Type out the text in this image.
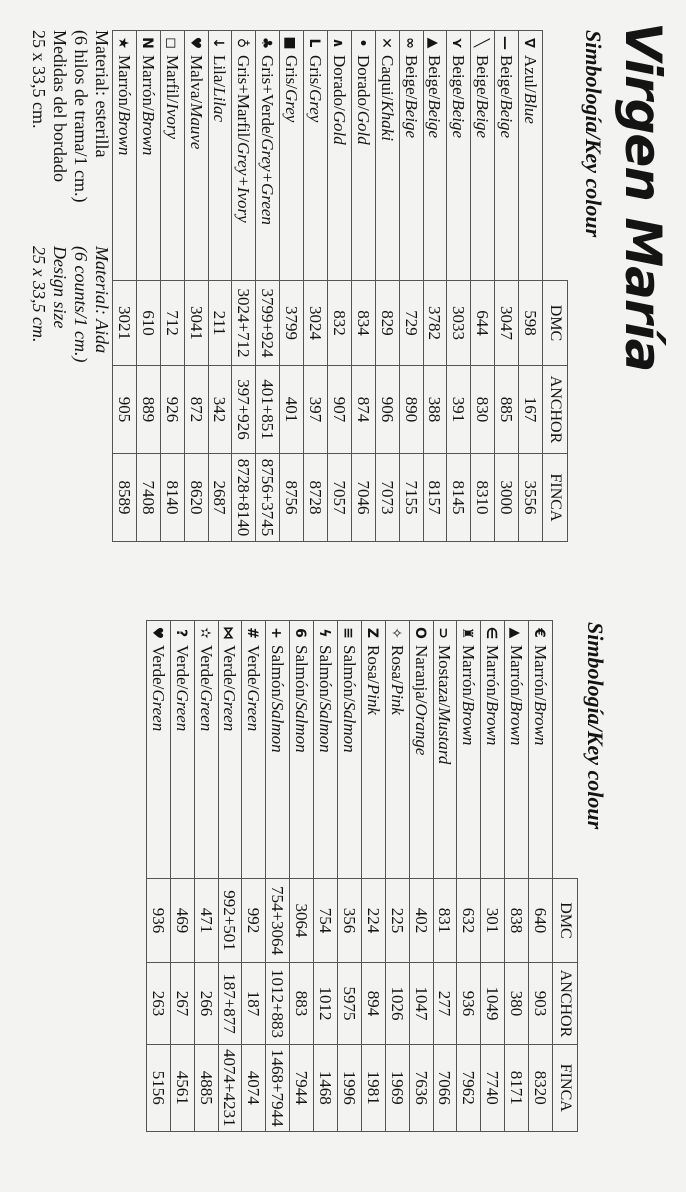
Virgen María
Simbología/Key colour
Simbología/Key colour
	DMC	ANCHOR	FINCA
∇Azul/Blue	598	167	3556
—Beige/Beige	3047	885	3000
╲Beige/Beige	644	830	8310
⋎Beige/Beige	3033	391	8145
▲Beige/Beige	3782	388	8157
∞Beige/Beige	729	890	7155
✕Caqui/Khaki	829	906	7073
•Dorado/Gold	834	874	7046
∧Dorado/Gold	832	907	7057
LGris/Grey	3024	397	8728
■Gris/Grey	3799	401	8756
♣Gris+Verde/Grey+Green	3799+924	401+851	8756+3745
♁Gris+Marfil/Grey+Ivory	3024+712	397+926	8728+8140
↓Lila/Lilac	211	342	2687
♥Malva/Mauve	3041	872	8620
◻Marfil/Ivory	712	926	8140
NMarrón/Brown	610	889	7408
★Marrón/Brown	3021	905	8589
	DMC	ANCHOR	FINCA
€Marrón/Brown	640	903	8320
▲Marrón/Brown	838	380	8171
∈Marrón/Brown	301	1049	7740
♜Marrón/Brown	632	936	7962
⊃Mostaza/Mustard	831	277	7066
ONaranja/Orange	402	1047	7636
✧Rosa/Pink	225	1026	1969
ZRosa/Pink	224	894	1981
≡Salmón/Salmon	356	5975	1996
ϟSalmón/Salmon	754	1012	1468
6Salmón/Salmon	3064	883	7944
+Salmón/Salmon	754+3064	1012+883	1468+7944
#Verde/Green	992	187	4074
⋈Verde/Green	992+501	187+877	4074+4231
✫Verde/Green	471	266	4885
?Verde/Green	469	267	4561
♥Verde/Green	936	263	5156
Material: esterilla
(6 hilos de trama/1 cm.)
Medidas del bordado
25 x 33,5 cm.
Material: Aida
(6 counts/1 cm.)
Design size
25 x 33,5 cm.
